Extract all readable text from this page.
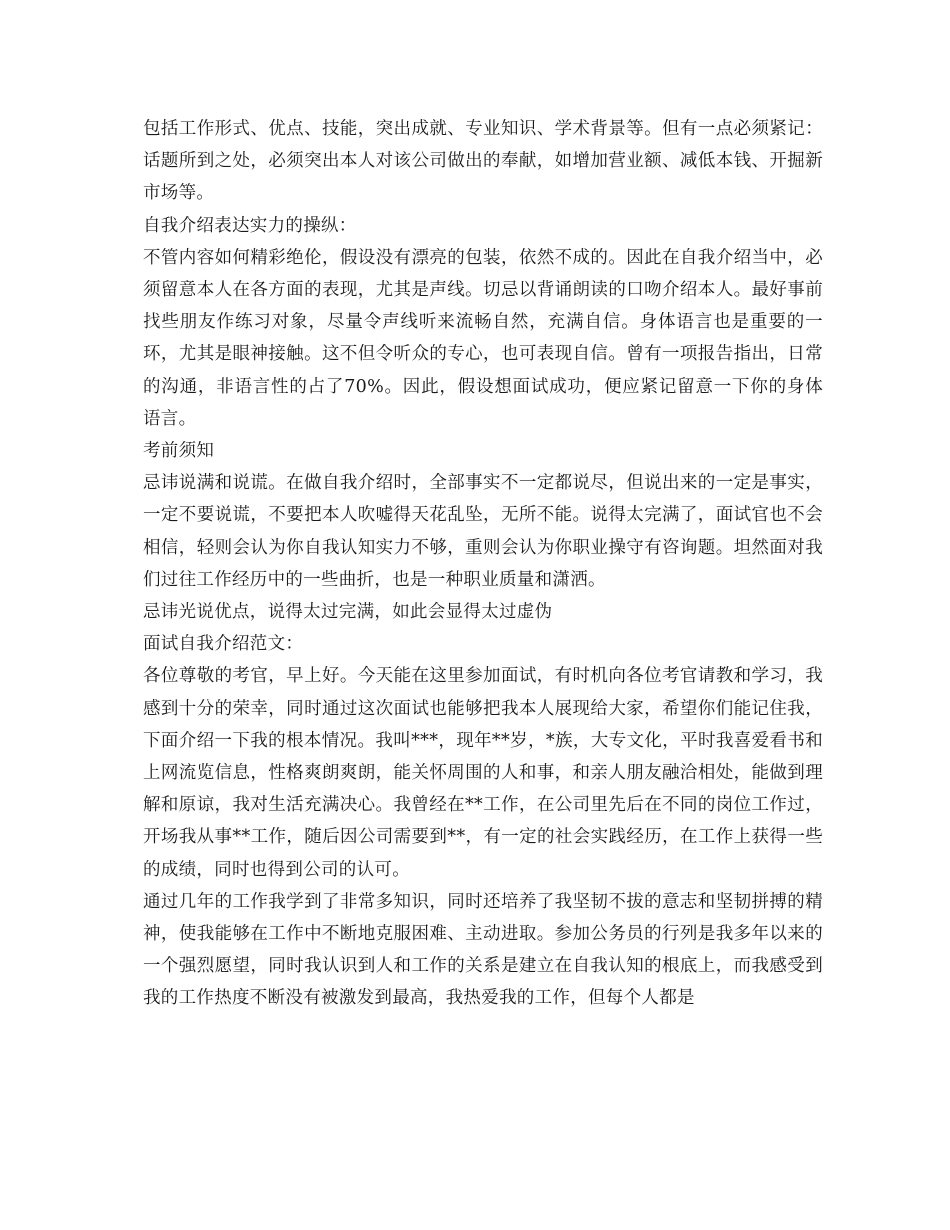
包括工作形式、优点、技能，突出成就、专业知识、学术背景等。但有一点必须紧记：话题所到之处，必须突出本人对该公司做出的奉献，如增加营业额、减低本钱、开掘新市场等。

自我介绍表达实力的操纵：

不管内容如何精彩绝伦，假设没有漂亮的包装，依然不成的。因此在自我介绍当中，必须留意本人在各方面的表现，尤其是声线。切忌以背诵朗读的口吻介绍本人。最好事前找些朋友作练习对象，尽量令声线听来流畅自然，充满自信。身体语言也是重要的一环，尤其是眼神接触。这不但令听众的专心，也可表现自信。曾有一项报告指出，日常的沟通，非语言性的占了70%。因此，假设想面试成功，便应紧记留意一下你的身体语言。

考前须知

忌讳说满和说谎。在做自我介绍时，全部事实不一定都说尽，但说出来的一定是事实，一定不要说谎，不要把本人吹嘘得天花乱坠，无所不能。说得太完满了，面试官也不会相信，轻则会认为你自我认知实力不够，重则会认为你职业操守有咨询题。坦然面对我们过往工作经历中的一些曲折，也是一种职业质量和潇洒。

忌讳光说优点，说得太过完满，如此会显得太过虚伪

面试自我介绍范文：

各位尊敬的考官，早上好。今天能在这里参加面试，有时机向各位考官请教和学习，我感到十分的荣幸，同时通过这次面试也能够把我本人展现给大家，希望你们能记住我，下面介绍一下我的根本情况。我叫***，现年**岁，*族，大专文化，平时我喜爱看书和上网流览信息，性格爽朗爽朗，能关怀周围的人和事，和亲人朋友融洽相处，能做到理解和原谅，我对生活充满决心。我曾经在**工作，在公司里先后在不同的岗位工作过，开场我从事**工作，随后因公司需要到**，有一定的社会实践经历，在工作上获得一些的成绩，同时也得到公司的认可。

通过几年的工作我学到了非常多知识，同时还培养了我坚韧不拔的意志和坚韧拼搏的精神，使我能够在工作中不断地克服困难、主动进取。参加公务员的行列是我多年以来的一个强烈愿望，同时我认识到人和工作的关系是建立在自我认知的根底上，而我感受到我的工作热度不断没有被激发到最高，我热爱我的工作，但每个人都是
